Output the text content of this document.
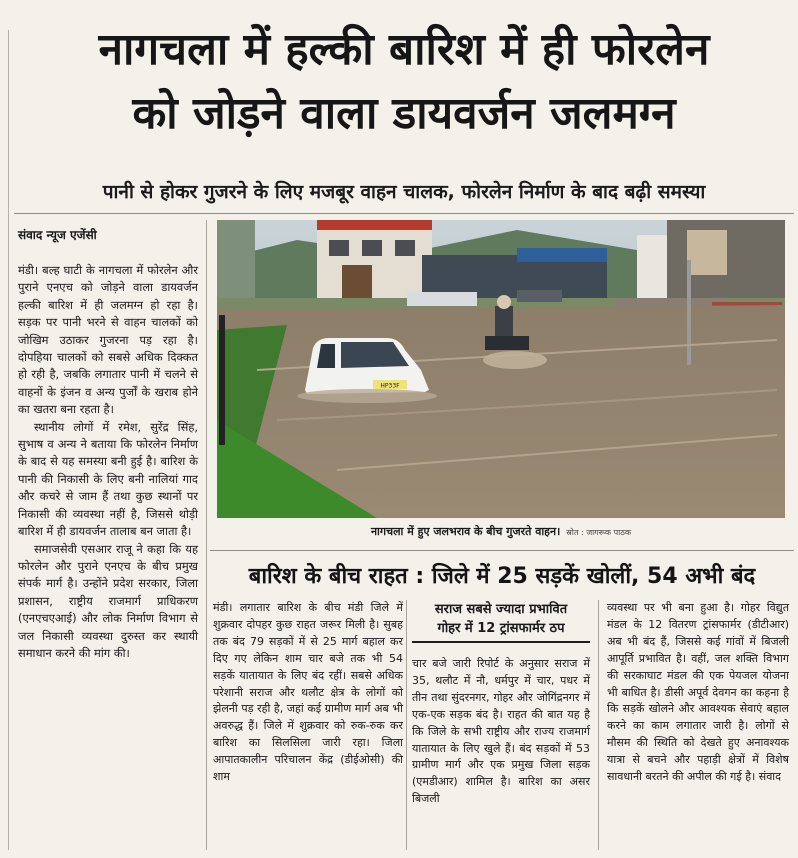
नागचला में हल्की बारिश में ही फोरलेन
को जोड़ने वाला डायवर्जन जलमग्न
पानी से होकर गुजरने के लिए मजबूर वाहन चालक, फोरलेन निर्माण के बाद बढ़ी समस्या
संवाद न्यूज एजेंसी

मंडी। बल्ह घाटी के नागचला में फोरलेन और पुराने एनएच को जोड़ने वाला डायवर्जन हल्की बारिश में ही जलमग्न हो रहा है। सड़क पर पानी भरने से वाहन चालकों को जोखिम उठाकर गुजरना पड़ रहा है। दोपहिया चालकों को सबसे अधिक दिक्कत हो रही है, जबकि लगातार पानी में चलने से वाहनों के इंजन व अन्य पुर्जों के खराब होने का खतरा बना रहता है।

स्थानीय लोगों में रमेश, सुरेंद्र सिंह, सुभाष व अन्य ने बताया कि फोरलेन निर्माण के बाद से यह समस्या बनी हुई है। बारिश के पानी की निकासी के लिए बनी नालियां गाद और कचरे से जाम हैं तथा कुछ स्थानों पर निकासी की व्यवस्था नहीं है, जिससे थोड़ी बारिश में ही डायवर्जन तालाब बन जाता है।

समाजसेवी एसआर राजू ने कहा कि यह फोरलेन और पुराने एनएच के बीच प्रमुख संपर्क मार्ग है। उन्होंने प्रदेश सरकार, जिला प्रशासन, राष्ट्रीय राजमार्ग प्राधिकरण (एनएचएआई) और लोक निर्माण विभाग से जल निकासी व्यवस्था दुरुस्त कर स्थायी समाधान करने की मांग की।

HP33F
नागचला में हुए जलभराव के बीच गुजरते वाहन। स्रोत : जागरूक पाठक
बारिश के बीच राहत : जिले में 25 सड़कें खोलीं, 54 अभी बंद
मंडी। लगातार बारिश के बीच मंडी जिले में शुक्रवार दोपहर कुछ राहत जरूर मिली है। सुबह तक बंद 79 सड़कों में से 25 मार्ग बहाल कर दिए गए लेकिन शाम चार बजे तक भी 54 सड़कें यातायात के लिए बंद रहीं। सबसे अधिक परेशानी सराज और थलौट क्षेत्र के लोगों को झेलनी पड़ रही है, जहां कई ग्रामीण मार्ग अब भी अवरुद्ध हैं। जिले में शुक्रवार को रुक-रुक कर बारिश का सिलसिला जारी रहा। जिला आपातकालीन परिचालन केंद्र (डीईओसी) की शाम
सराज सबसे ज्यादा प्रभावित
गोहर में 12 ट्रांसफार्मर ठप
चार बजे जारी रिपोर्ट के अनुसार सराज में 35, थलौट में नौ, धर्मपुर में चार, पधर में तीन तथा सुंदरनगर, गोहर और जोगिंद्रनगर में एक-एक सड़क बंद है। राहत की बात यह है कि जिले के सभी राष्ट्रीय और राज्य राजमार्ग यातायात के लिए खुले हैं। बंद सड़कों में 53 ग्रामीण मार्ग और एक प्रमुख जिला सड़क (एमडीआर) शामिल है। बारिश का असर बिजली
व्यवस्था पर भी बना हुआ है। गोहर विद्युत मंडल के 12 वितरण ट्रांसफार्मर (डीटीआर) अब भी बंद हैं, जिससे कई गांवों में बिजली आपूर्ति प्रभावित है। वहीं, जल शक्ति विभाग की सरकाघाट मंडल की एक पेयजल योजना भी बाधित है। डीसी अपूर्व देवगन का कहना है कि सड़कें खोलने और आवश्यक सेवाएं बहाल करने का काम लगातार जारी है। लोगों से मौसम की स्थिति को देखते हुए अनावश्यक यात्रा से बचने और पहाड़ी क्षेत्रों में विशेष सावधानी बरतने की अपील की गई है। संवाद
